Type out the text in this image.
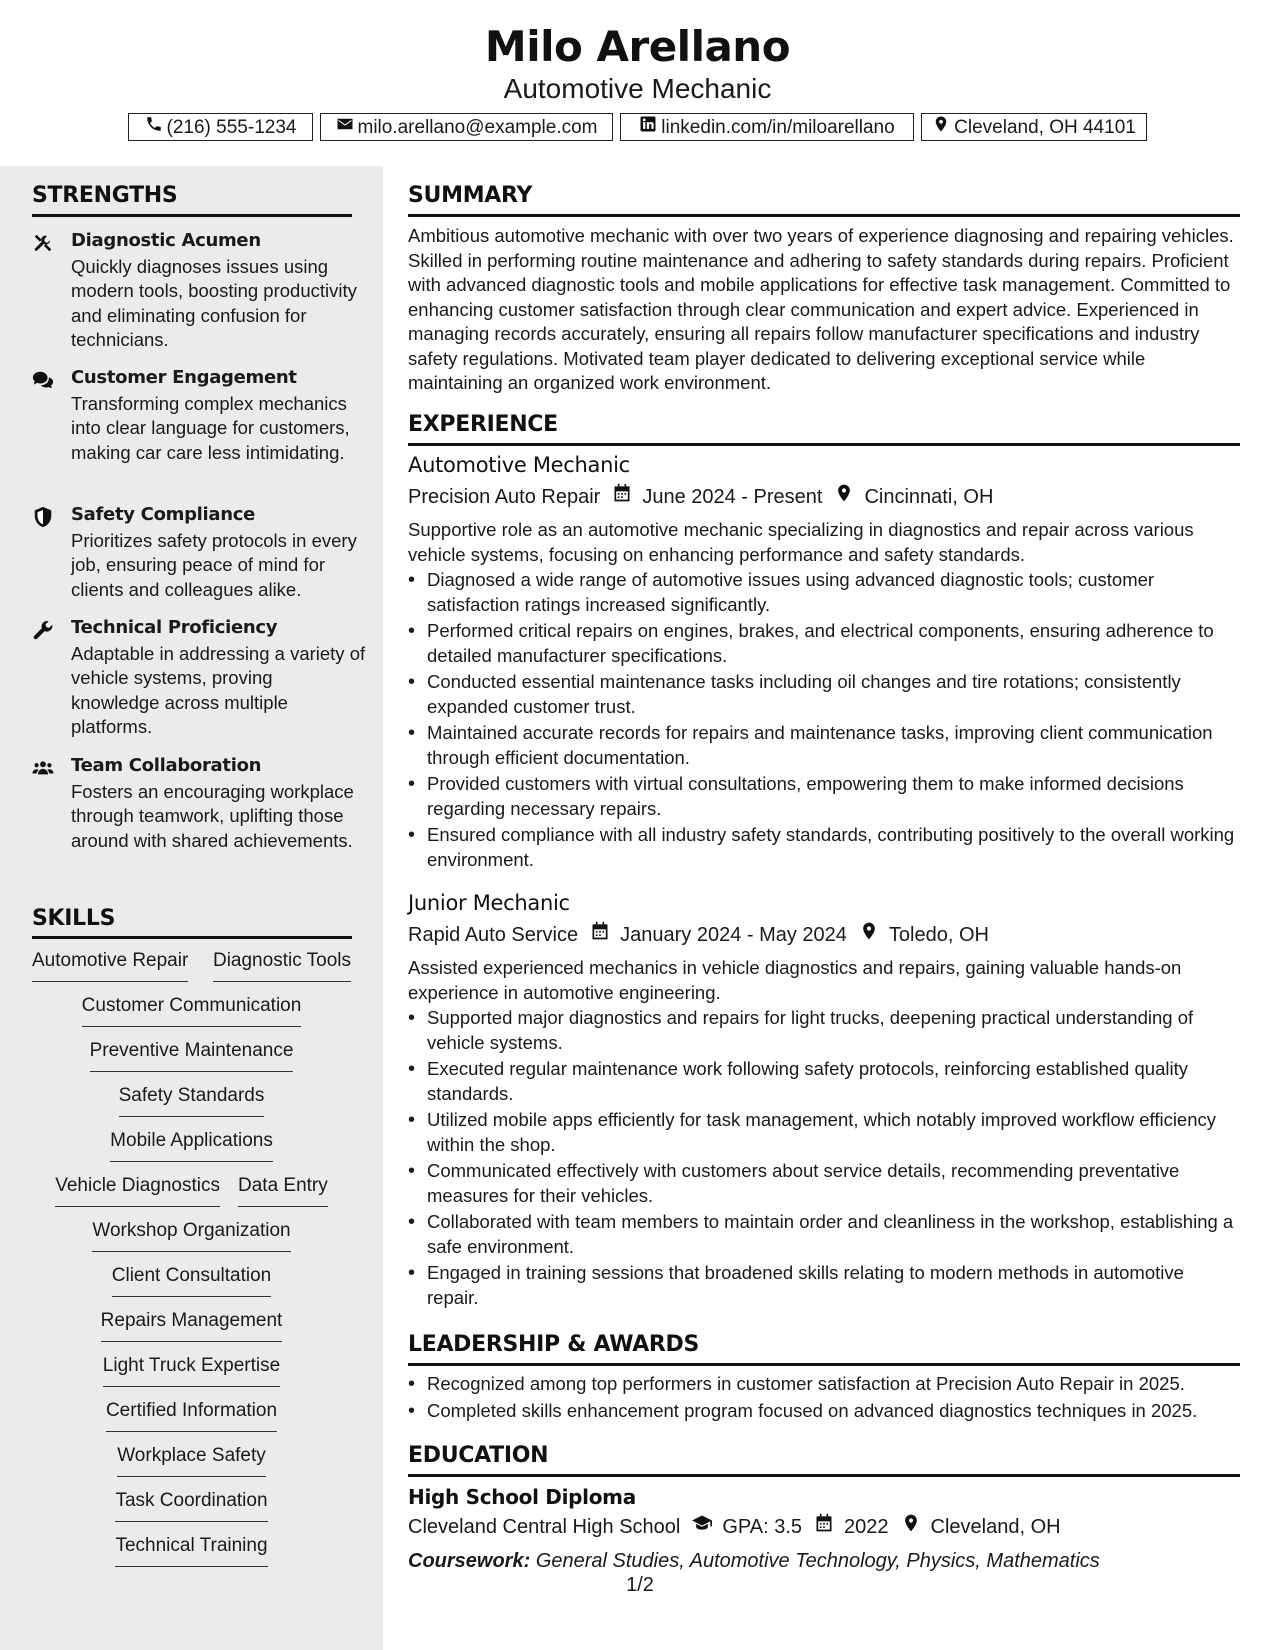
Milo Arellano
Automotive Mechanic
(216) 555-1234	milo.arellano@example.com	linkedin.com/in/miloarellano	Cleveland, OH 44101
STRENGTHS
Diagnostic Acumen
Quickly diagnoses issues using modern tools, boosting productivity and eliminating confusion for technicians.
Customer Engagement
Transforming complex mechanics into clear language for customers, making car care less intimidating.
Safety Compliance
Prioritizes safety protocols in every job, ensuring peace of mind for clients and colleagues alike.
Technical Proficiency
Adaptable in addressing a variety of vehicle systems, proving knowledge across multiple platforms.
Team Collaboration
Fosters an encouraging workplace through teamwork, uplifting those around with shared achievements.
SKILLS
Automotive Repair Diagnostic Tools
Customer Communication
Preventive Maintenance
Safety Standards
Mobile Applications
Vehicle Diagnostics Data Entry
Workshop Organization
Client Consultation
Repairs Management
Light Truck Expertise
Certified Information
Workplace Safety
Task Coordination
Technical Training
SUMMARY
Ambitious automotive mechanic with over two years of experience diagnosing and repairing vehicles. Skilled in performing routine maintenance and adhering to safety standards during repairs. Proficient with advanced diagnostic tools and mobile applications for effective task management. Committed to enhancing customer satisfaction through clear communication and expert advice. Experienced in managing records accurately, ensuring all repairs follow manufacturer specifications and industry safety regulations. Motivated team player dedicated to delivering exceptional service while maintaining an organized work environment.
EXPERIENCE
Automotive Mechanic
Precision Auto Repair June 2024 - Present Cincinnati, OH
Supportive role as an automotive mechanic specializing in diagnostics and repair across various vehicle systems, focusing on enhancing performance and safety standards.
• Diagnosed a wide range of automotive issues using advanced diagnostic tools; customer satisfaction ratings increased significantly.
• Performed critical repairs on engines, brakes, and electrical components, ensuring adherence to detailed manufacturer specifications.
• Conducted essential maintenance tasks including oil changes and tire rotations; consistently expanded customer trust.
• Maintained accurate records for repairs and maintenance tasks, improving client communication through efficient documentation.
• Provided customers with virtual consultations, empowering them to make informed decisions regarding necessary repairs.
• Ensured compliance with all industry safety standards, contributing positively to the overall working environment.
Junior Mechanic
Rapid Auto Service January 2024 - May 2024 Toledo, OH
Assisted experienced mechanics in vehicle diagnostics and repairs, gaining valuable hands-on experience in automotive engineering.
• Supported major diagnostics and repairs for light trucks, deepening practical understanding of vehicle systems.
• Executed regular maintenance work following safety protocols, reinforcing established quality standards.
• Utilized mobile apps efficiently for task management, which notably improved workflow efficiency within the shop.
• Communicated effectively with customers about service details, recommending preventative measures for their vehicles.
• Collaborated with team members to maintain order and cleanliness in the workshop, establishing a safe environment.
• Engaged in training sessions that broadened skills relating to modern methods in automotive repair.
LEADERSHIP & AWARDS
• Recognized among top performers in customer satisfaction at Precision Auto Repair in 2025.
• Completed skills enhancement program focused on advanced diagnostics techniques in 2025.
EDUCATION
High School Diploma
Cleveland Central High School GPA: 3.5 2022 Cleveland, OH
Coursework: General Studies, Automotive Technology, Physics, Mathematics
1/2
